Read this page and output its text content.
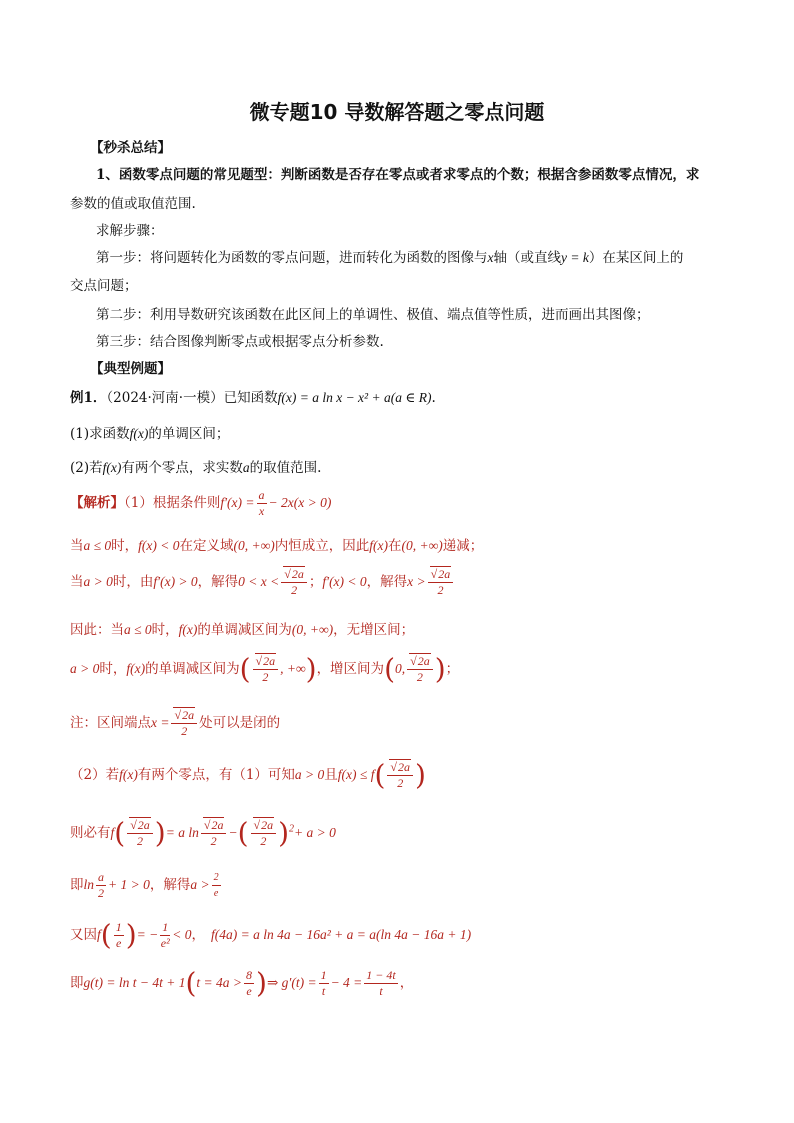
微专题10 导数解答题之零点问题
【秒杀总结】
1、函数零点问题的常见题型：判断函数是否存在零点或者求零点的个数；根据含参函数零点情况，求
参数的值或取值范围.
求解步骤：
第一步：将问题转化为函数的零点问题，进而转化为函数的图像与x轴（或直线y = k）在某区间上的
交点问题；
第二步：利用导数研究该函数在此区间上的单调性、极值、端点值等性质，进而画出其图像；
第三步：结合图像判断零点或根据零点分析参数.
【典型例题】
例1．（2024·河南·一模）已知函数f(x) = a ln x − x² + a(a ∈ R).
(1)求函数f(x)的单调区间；
(2)若f(x)有两个零点，求实数a的取值范围.
【解析】（1）根据条件则$f'(x) = \frac{a}{x} - 2x(x > 0)$
当a ≤ 0时，f(x) < 0在定义域(0, +∞)内恒成立，因此f(x)在(0, +∞)递减；
当a > 0时，由f′(x) > 0，解得0 < x < √ $\frac{2a}{2}$ ；f′(x) < 0，解得x > √ $\frac{2a}{2}$
因此：当a ≤ 0时，f(x)的单调减区间为(0, +∞)，无增区间；
a > 0时，f(x)的单调减区间为( √ $\frac{2a}{2}$ , +∞)，增区间为(0, √ $\frac{2a}{2}$ )；
注：区间端点x = √ $\frac{2a}{2}$ 处可以是闭的
（2）若f(x)有两个零点，有（1）可知a > 0且f(x) ≤ f( √ $\frac{2a}{2}$ )
则必有f( √ $\frac{2a}{2}$ )= a ln √ $\frac{2a}{2}$ −( √ $\frac{2a}{2} )^2+ a > 0$
即$\ln \frac{a}{2} + 1 > 0$，解得$a > \frac{2}{e}$
又因$f( \frac{1}{e}$ )= − $\frac{1}{\text{e²}} < 0$， f(4a) = a ln 4a − 16a² + a = a(ln 4a − 16a + 1)
即$g(t) = \ln t - 4t + 1(t = 4a > \frac{8}{e}$ )⇒ $g'(t) = \frac{1}{t} - 4 = \frac{1 - 4t}{t}$ ，
